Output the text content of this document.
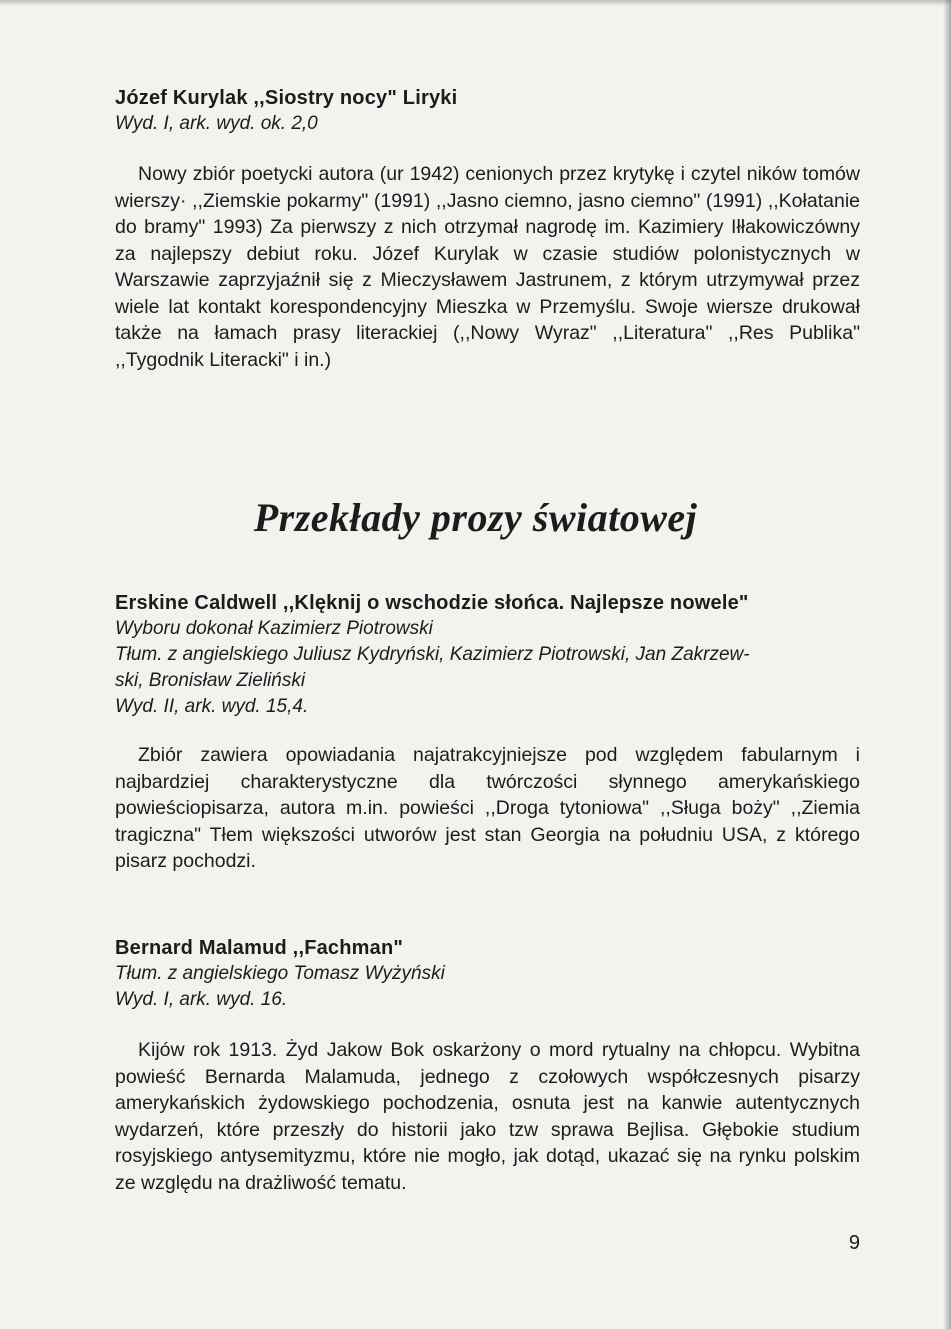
Józef Kurylak ,,Siostry nocy" Liryki

Wyd. I, ark. wyd. ok. 2,0

Nowy zbiór poetycki autora (ur 1942) cenionych przez krytykę i czytel ników tomów wierszy· ,,Ziemskie pokarmy" (1991) ,,Jasno ciemno, jasno ciemno" (1991) ,,Kołatanie do bramy" 1993) Za pierwszy z nich otrzymał nagrodę im. Kazimiery Iłłakowiczówny za najlepszy debiut roku. Józef Kurylak w czasie studiów polonistycznych w Warszawie zaprzyjaźnił się z Mieczysławem Jastrunem, z którym utrzymywał przez wiele lat kontakt korespondencyjny Mieszka w Przemyślu. Swoje wiersze drukował także na łamach prasy literackiej (,,Nowy Wyraz" ,,Literatura" ,,Res Publika" ,,Tygodnik Literacki" i in.)

Przekłady prozy światowej

Erskine Caldwell ,,Klęknij o wschodzie słońca. Najlepsze nowele"

Wyboru dokonał Kazimierz Piotrowski

Tłum. z angielskiego Juliusz Kydryński, Kazimierz Piotrowski, Jan Zakrzew-

ski, Bronisław Zieliński

Wyd. II, ark. wyd. 15,4.

Zbiór zawiera opowiadania najatrakcyjniejsze pod względem fabularnym i najbardziej charakterystyczne dla twórczości słynnego amerykańskiego powieściopisarza, autora m.in. powieści ,,Droga tytoniowa" ,,Sługa boży" ,,Ziemia tragiczna" Tłem większości utworów jest stan Georgia na południu USA, z którego pisarz pochodzi.

Bernard Malamud ,,Fachman"

Tłum. z angielskiego Tomasz Wyżyński

Wyd. I, ark. wyd. 16.

Kijów rok 1913. Żyd Jakow Bok oskarżony o mord rytualny na chłopcu. Wybitna powieść Bernarda Malamuda, jednego z czołowych współczesnych pisarzy amerykańskich żydowskiego pochodzenia, osnuta jest na kanwie autentycznych wydarzeń, które przeszły do historii jako tzw sprawa Bejlisa. Głębokie studium rosyjskiego antysemityzmu, które nie mogło, jak dotąd, ukazać się na rynku polskim ze względu na drażliwość tematu.

9
